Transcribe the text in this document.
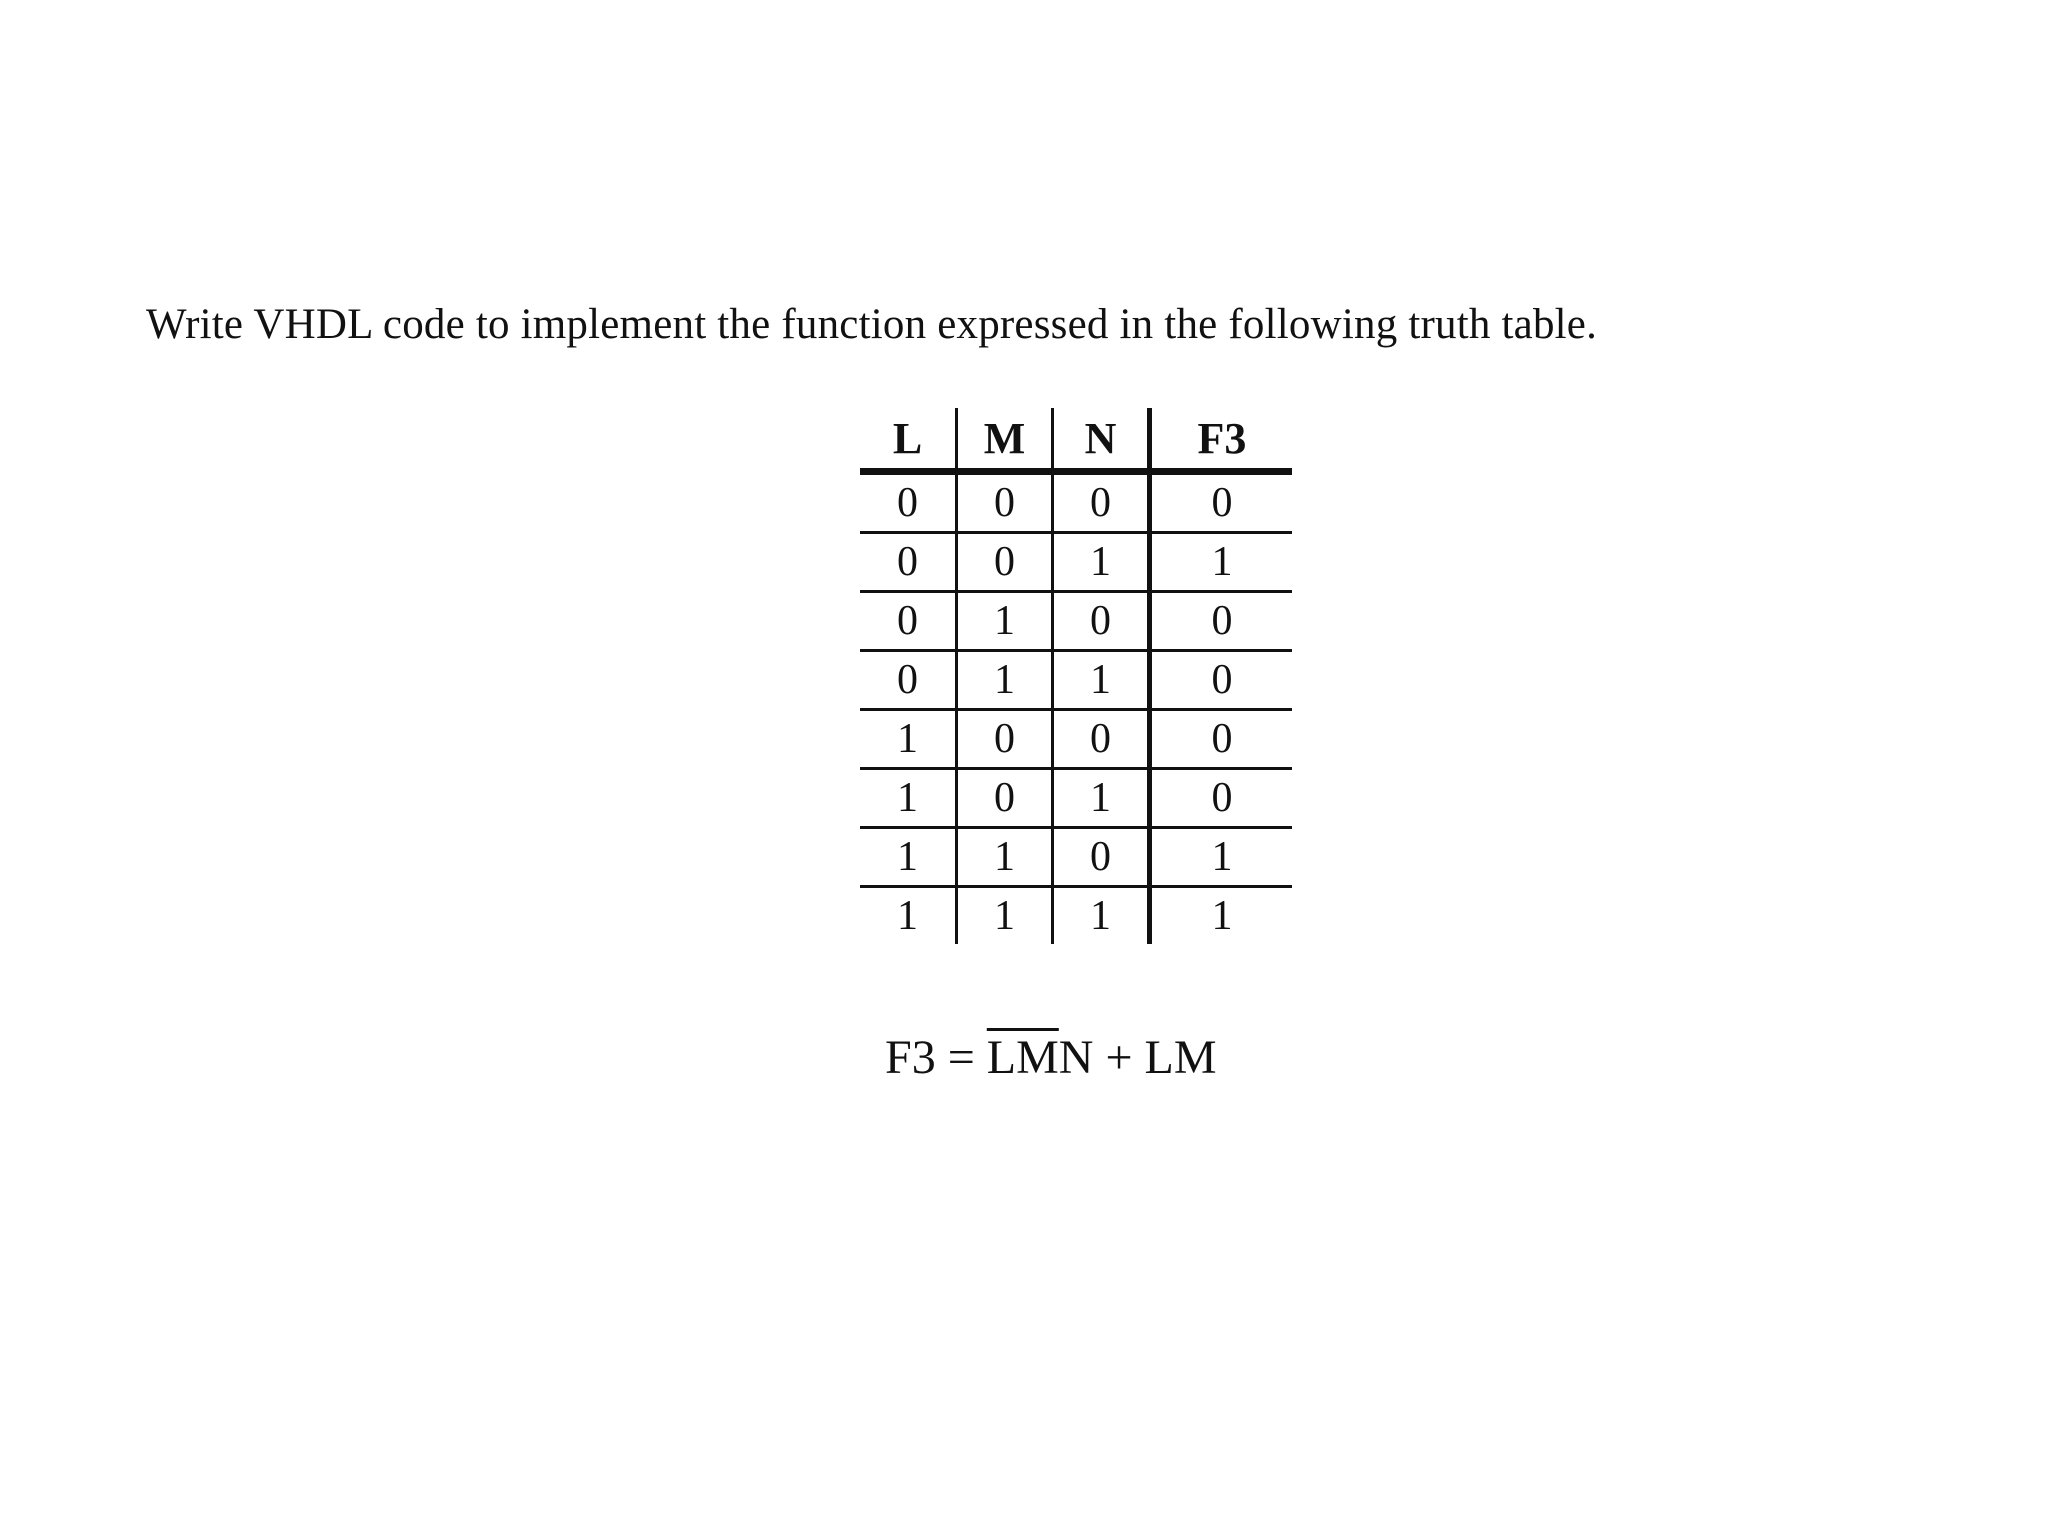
Write VHDL code to implement the function expressed in the following truth table.
L	M	N	F3
0	0	0	0
0	0	1	1
0	1	0	0
0	1	1	0
1	0	0	0
1	0	1	0
1	1	0	1
1	1	1	1
$F3 = \overline{LM}N$ + LM
